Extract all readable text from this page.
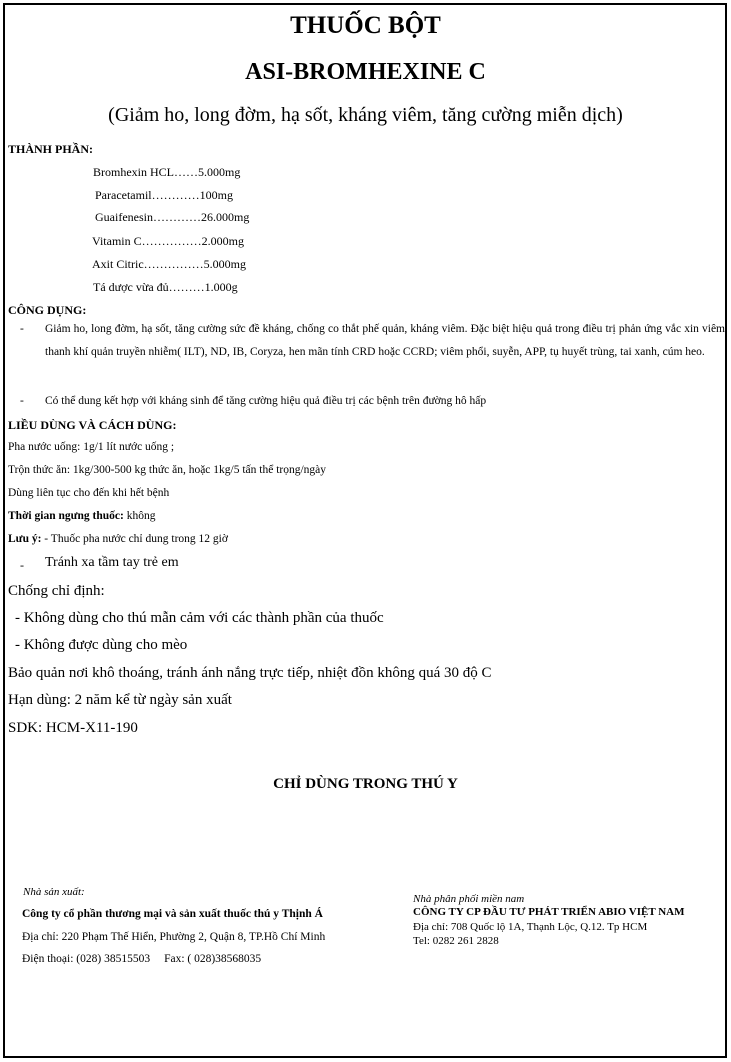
THUỐC BỘT
ASI-BROMHEXINE C
(Giảm ho, long đờm, hạ sốt, kháng viêm, tăng cường miễn dịch)
THÀNH PHẦN:
Bromhexin HCL……5.000mg
Paracetamil…………100mg
Guaifenesin…………26.000mg
Vitamin C……………2.000mg
Axit Citric……………5.000mg
Tá dược vừa đủ………1.000g
CÔNG DỤNG:
- Giảm ho, long đờm, hạ sốt, tăng cường sức đề kháng, chống co thắt phế quản, kháng viêm. Đặc biệt hiệu quả trong điều trị phản ứng vắc xin viêm thanh khí quản truyền nhiễm( ILT), ND, IB, Coryza, hen mãn tính CRD hoặc CCRD; viêm phổi, suyễn, APP, tụ huyết trùng, tai xanh, cúm heo.
- Có thể dung kết hợp với kháng sinh để tăng cường hiệu quả điều trị các bệnh trên đường hô hấp
LIỀU DÙNG VÀ CÁCH DÙNG:
Pha nước uống: 1g/1 lít nước uống ;
Trộn thức ăn: 1kg/300-500 kg thức ăn, hoặc 1kg/5 tấn thể trọng/ngày
Dùng liên tục cho đến khi hết bệnh
Thời gian ngưng thuốc: không
Lưu ý: - Thuốc pha nước chỉ dung trong 12 giờ
- Tránh xa tầm tay trẻ em
Chống chỉ định:
- Không dùng cho thú mẫn cảm với các thành phần của thuốc
- Không được dùng cho mèo
Bảo quản nơi khô thoáng, tránh ánh nắng trực tiếp, nhiệt đồn không quá 30 độ C
Hạn dùng: 2 năm kể từ ngày sản xuất
SDK: HCM-X11-190
CHỈ DÙNG TRONG THÚ Y
Nhà sản xuất:
Công ty cổ phần thương mại và sản xuất thuốc thú y Thịnh Á
Địa chỉ: 220 Phạm Thế Hiển, Phường 2, Quận 8, TP.Hồ Chí Minh
Điện thoại: (028) 38515503 Fax: ( 028)38568035
Nhà phân phối miền nam
CÔNG TY CP ĐẦU TƯ PHÁT TRIỂN ABIO VIỆT NAM
Địa chỉ: 708 Quốc lộ 1A, Thạnh Lộc, Q.12. Tp HCM
Tel: 0282 261 2828
